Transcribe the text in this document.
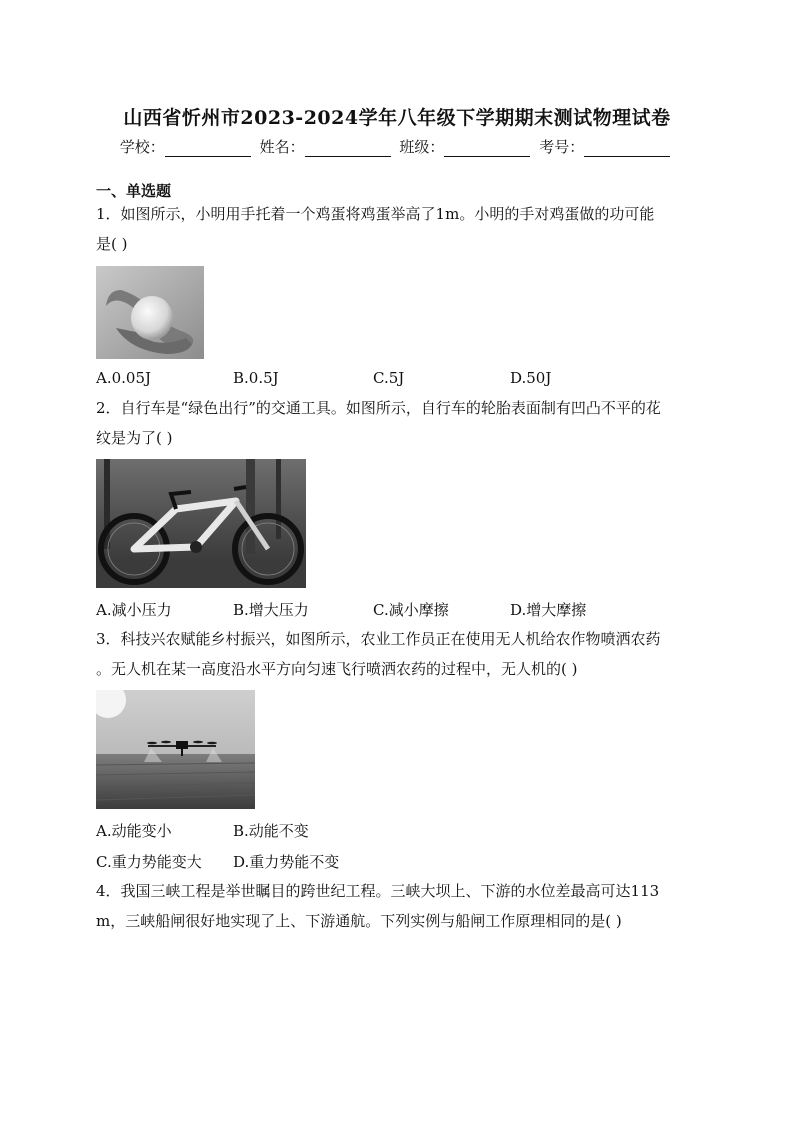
山西省忻州市2023-2024学年八年级下学期期末测试物理试卷
学校：	姓名：	班级：	考号：
一、单选题
1．如图所示，小明用手托着一个鸡蛋将鸡蛋举高了1m。小明的手对鸡蛋做的功可能
是( )
A.0.05J	B.0.5J	C.5J	D.50J
2．自行车是“绿色出行”的交通工具。如图所示，自行车的轮胎表面制有凹凸不平的花
纹是为了( )
A.减小压力	B.增大压力	C.减小摩擦	D.增大摩擦
3．科技兴农赋能乡村振兴，如图所示，农业工作员正在使用无人机给农作物喷洒农药
。无人机在某一高度沿水平方向匀速飞行喷洒农药的过程中，无人机的( )
A.动能变小	B.动能不变
C.重力势能变大 D.重力势能不变
4．我国三峡工程是举世瞩目的跨世纪工程。三峡大坝上、下游的水位差最高可达113
m，三峡船闸很好地实现了上、下游通航。下列实例与船闸工作原理相同的是( )
